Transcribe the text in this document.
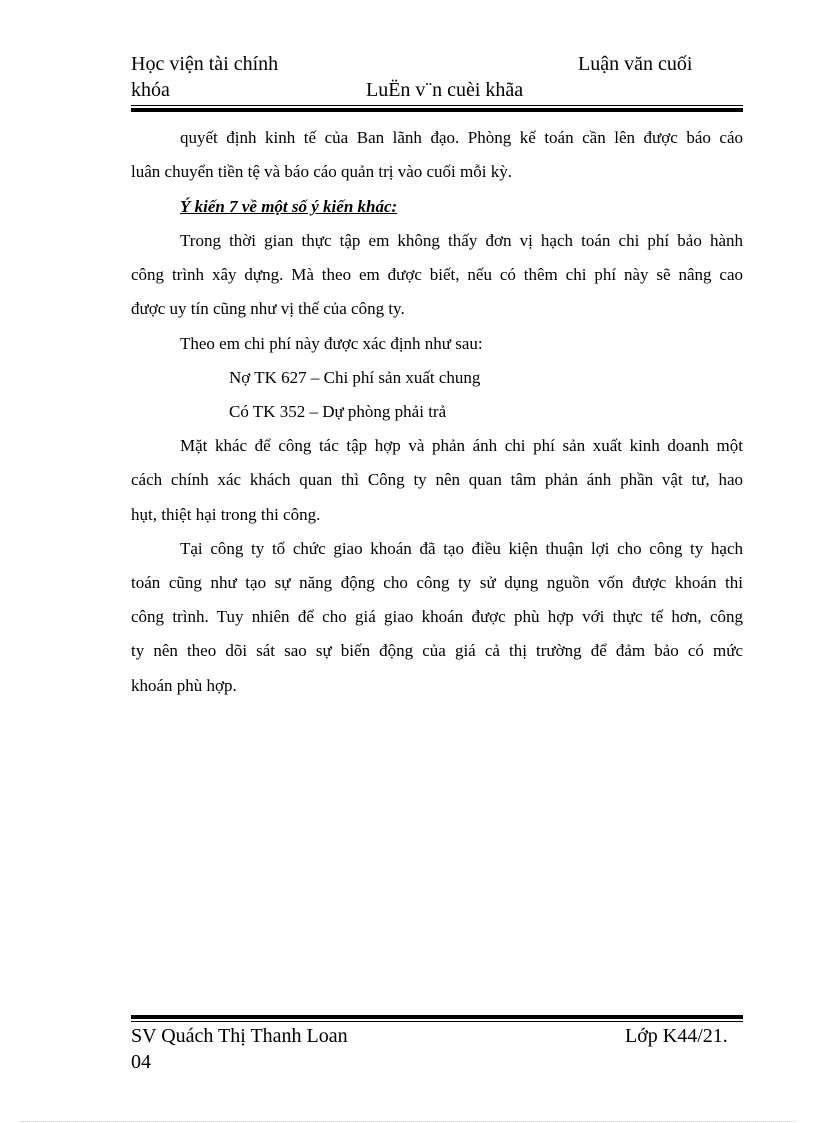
Học viện tài chính	Luận văn cuối
khóa	LuËn v¨n cuèi khãa
quyết định kinh tế của Ban lãnh đạo. Phòng kế toán cần lên được báo cáo
luân chuyển tiền tệ và báo cáo quản trị vào cuối mỗi kỳ.
Ý kiến 7 về một số ý kiến khác:
Trong thời gian thực tập em không thấy đơn vị hạch toán chi phí bảo hành
công trình xây dựng. Mà theo em được biết, nếu có thêm chi phí này sẽ nâng cao
được uy tín cũng như vị thế của công ty.
Theo em chi phí này được xác định như sau:
Nợ TK 627 – Chi phí sản xuất chung
Có TK 352 – Dự phòng phải trả
Mặt khác để công tác tập hợp và phản ánh chi phí sản xuất kinh doanh một
cách chính xác khách quan thì Công ty nên quan tâm phản ánh phần vật tư, hao
hụt, thiệt hại trong thi công.
Tại công ty tổ chức giao khoán đã tạo điều kiện thuận lợi cho công ty hạch
toán cũng như tạo sự năng động cho công ty sử dụng nguồn vốn được khoán thi
công trình. Tuy nhiên để cho giá giao khoán được phù hợp với thực tế hơn, công
ty nên theo dõi sát sao sự biến động của giá cả thị trường để đảm bảo có mức
khoán phù hợp.
SV Quách Thị Thanh Loan	Lớp K44/21.
04
